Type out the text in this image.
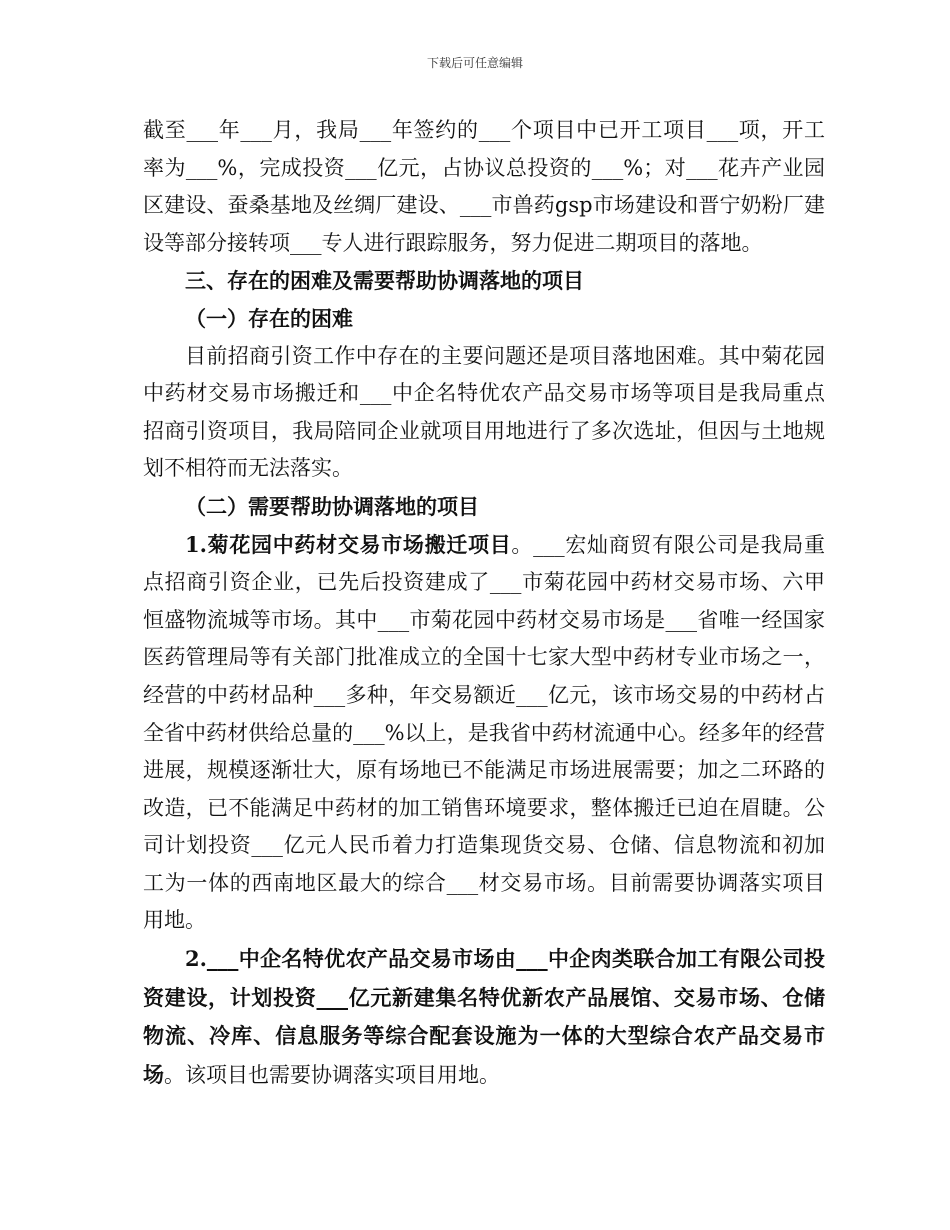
下载后可任意编辑

截至___年___月，我局___年签约的___个项目中已开工项目___项，开工率为___%，完成投资___亿元，占协议总投资的___%；对___花卉产业园区建设、蚕桑基地及丝绸厂建设、___市兽药gsp市场建设和晋宁奶粉厂建设等部分接转项___专人进行跟踪服务，努力促进二期项目的落地。

三、存在的困难及需要帮助协调落地的项目

（一）存在的困难

目前招商引资工作中存在的主要问题还是项目落地困难。其中菊花园中药材交易市场搬迁和___中企名特优农产品交易市场等项目是我局重点招商引资项目，我局陪同企业就项目用地进行了多次选址，但因与土地规划不相符而无法落实。

（二）需要帮助协调落地的项目

1.菊花园中药材交易市场搬迁项目。___宏灿商贸有限公司是我局重点招商引资企业，已先后投资建成了___市菊花园中药材交易市场、六甲恒盛物流城等市场。其中___市菊花园中药材交易市场是___省唯一经国家医药管理局等有关部门批准成立的全国十七家大型中药材专业市场之一，经营的中药材品种___多种，年交易额近___亿元，该市场交易的中药材占全省中药材供给总量的___%以上，是我省中药材流通中心。经多年的经营进展，规模逐渐壮大，原有场地已不能满足市场进展需要；加之二环路的改造，已不能满足中药材的加工销售环境要求，整体搬迁已迫在眉睫。公司计划投资___亿元人民币着力打造集现货交易、仓储、信息物流和初加工为一体的西南地区最大的综合___材交易市场。目前需要协调落实项目用地。

2.___中企名特优农产品交易市场由___中企肉类联合加工有限公司投资建设，计划投资___亿元新建集名特优新农产品展馆、交易市场、仓储物流、冷库、信息服务等综合配套设施为一体的大型综合农产品交易市场。该项目也需要协调落实项目用地。
